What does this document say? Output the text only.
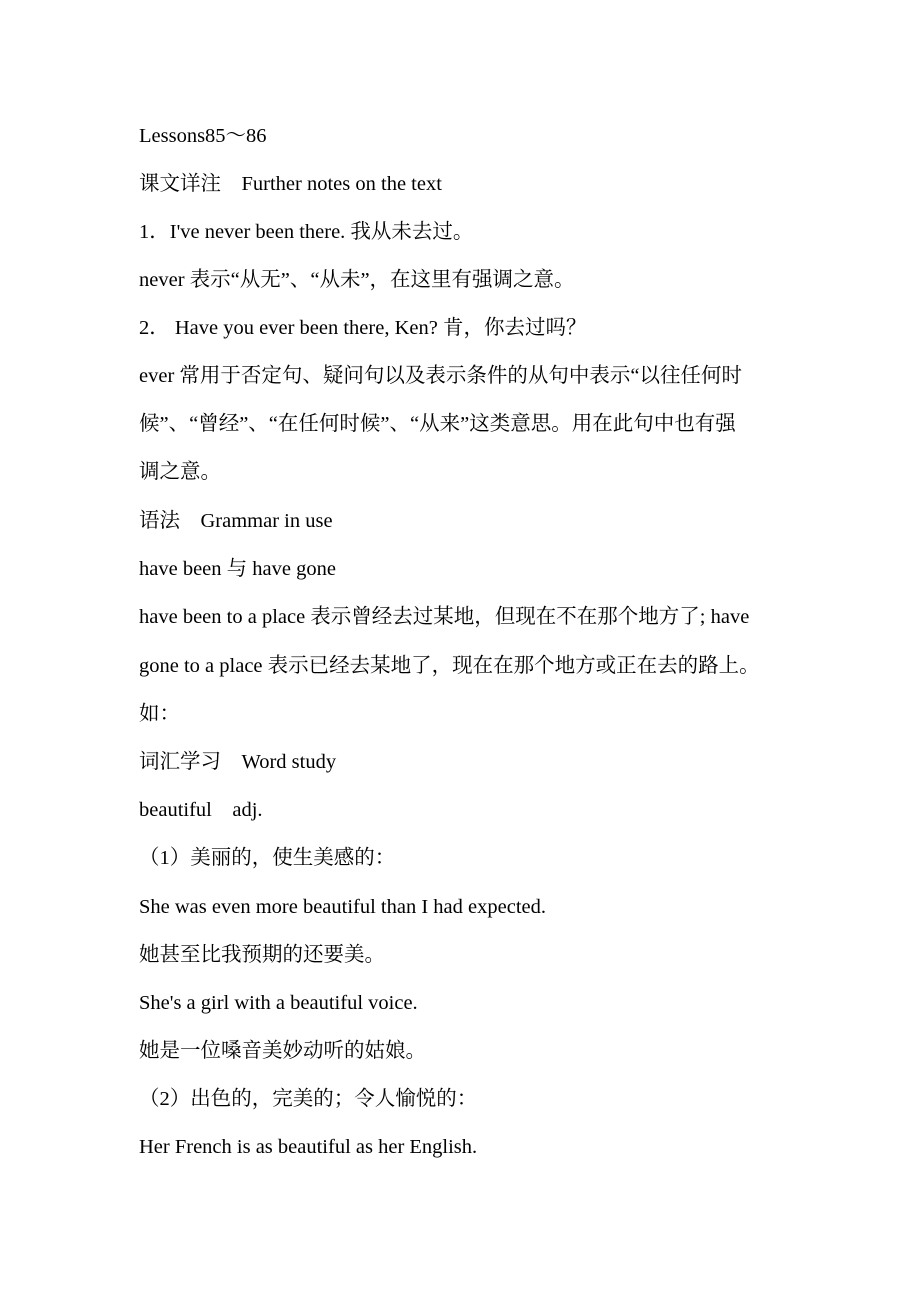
Lessons85～86
课文详注　Further notes on the text
1．I've never been there. 我从未去过。
never 表示“从无”、“从未”，在这里有强调之意。
2． Have you ever been there, Ken? 肯，你去过吗？
ever 常用于否定句、疑问句以及表示条件的从句中表示“以往任何时
候”、“曾经”、“在任何时候”、“从来”这类意思。用在此句中也有强
调之意。
语法　Grammar in use
have been 与 have gone
have been to a place 表示曾经去过某地，但现在不在那个地方了; have
gone to a place 表示已经去某地了，现在在那个地方或正在去的路上。
如：
词汇学习　Word study
beautiful　adj.
（1）美丽的，使生美感的：
She was even more beautiful than I had expected.
她甚至比我预期的还要美。
She's a girl with a beautiful voice.
她是一位嗓音美妙动听的姑娘。
（2）出色的，完美的；令人愉悦的：
Her French is as beautiful as her English.
